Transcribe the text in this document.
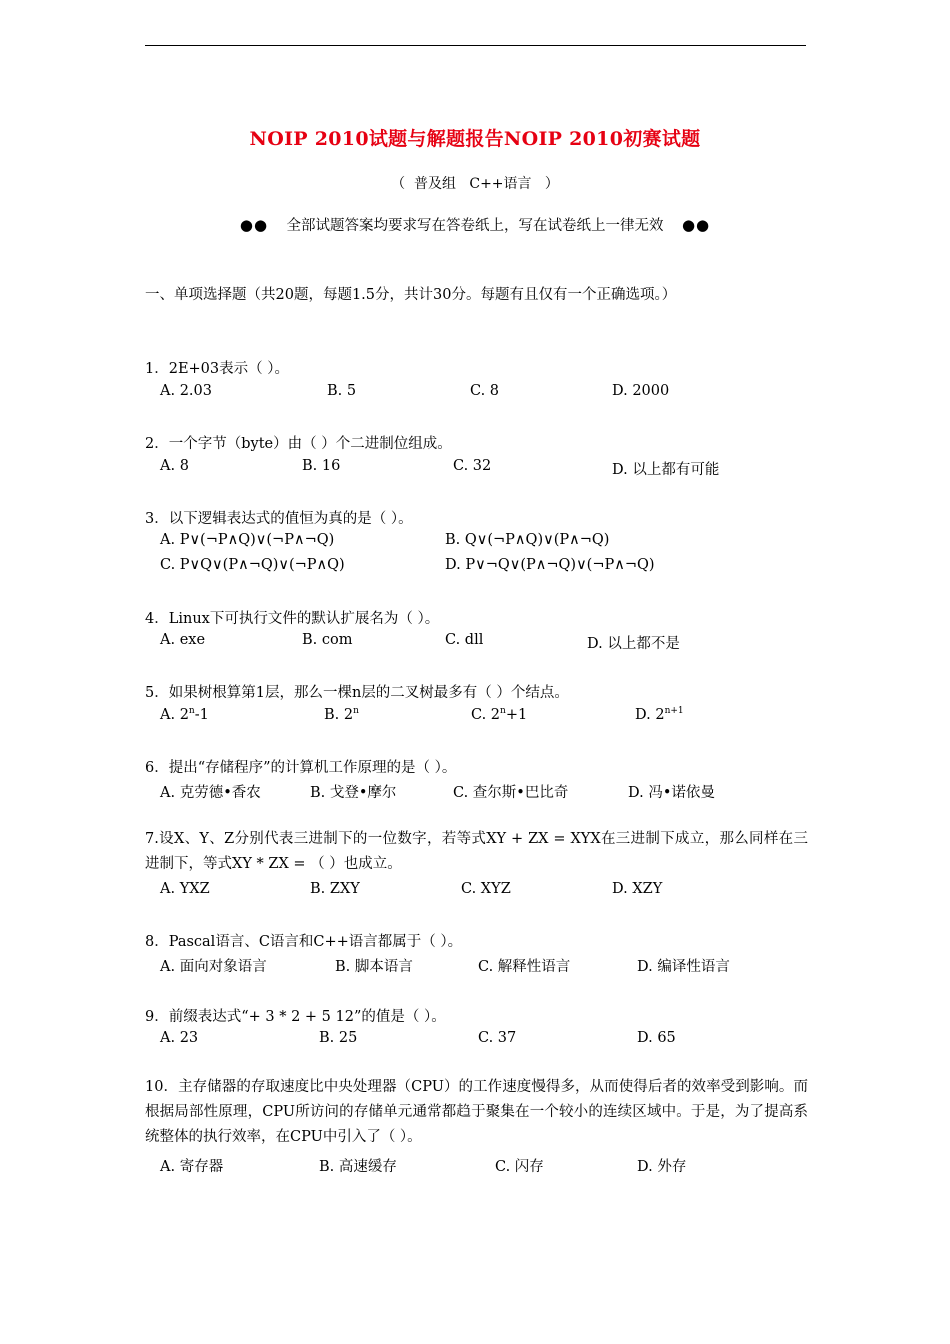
NOIP 2010试题与解题报告NOIP 2010初赛试题
（  普及组   C++语言   ）
●● 全部试题答案均要求写在答卷纸上，写在试卷纸上一律无效 ●●
一、单项选择题（共20题，每题1.5分，共计30分。每题有且仅有一个正确选项。）
1．2E+03表示（ ）。
A. 2.03	B. 5	C. 8	D. 2000
2．一个字节（byte）由（ ）个二进制位组成。
A. 8	B. 16	C. 32	D. 以上都有可能
3．以下逻辑表达式的值恒为真的是（ ）。
A. P∨(¬P∧Q)∨(¬P∧¬Q)	B. Q∨(¬P∧Q)∨(P∧¬Q)
C. P∨Q∨(P∧¬Q)∨(¬P∧Q)	D. P∨¬Q∨(P∧¬Q)∨(¬P∧¬Q)
4．Linux下可执行文件的默认扩展名为（ ）。
A. exe	B. com	C. dll	D. 以上都不是
5．如果树根算第1层，那么一棵n层的二叉树最多有（ ）个结点。
A. 2$^n$-1	B. 2$^n$	C. $2^n+1$	D. $2^{n+1}$
6．提出“存储程序”的计算机工作原理的是（ ）。
A. 克劳德•香农	B. 戈登•摩尔	C. 查尔斯•巴比奇	D. 冯•诺依曼
7.设X、Y、Z分别代表三进制下的一位数字，若等式XY + ZX = XYX在三进制下成立，那么同样在三进制下，等式XY * ZX = （ ）也成立。
A. YXZ	B. ZXY	C. XYZ	D. XZY
8．Pascal语言、C语言和C++语言都属于（ ）。
A. 面向对象语言	B. 脚本语言	C. 解释性语言	D. 编译性语言
9．前缀表达式“+ 3 * 2 + 5 12”的值是（ ）。
A. 23	B. 25	C. 37	D. 65
10．主存储器的存取速度比中央处理器（CPU）的工作速度慢得多，从而使得后者的效率受到影响。而根据局部性原理，CPU所访问的存储单元通常都趋于聚集在一个较小的连续区域中。于是，为了提高系统整体的执行效率，在CPU中引入了（ ）。
A. 寄存器	B. 高速缓存	C. 闪存	D. 外存
